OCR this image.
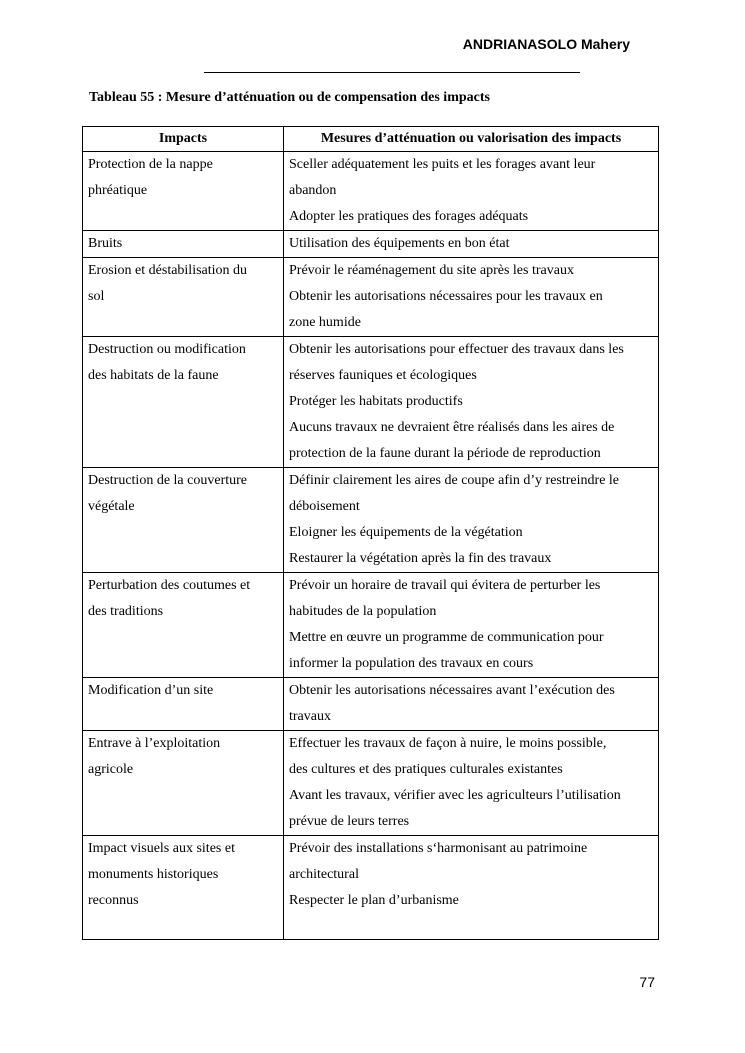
ANDRIANASOLO Mahery
Tableau 55 : Mesure d’atténuation ou de compensation des impacts
Impacts	Mesures d’atténuation ou valorisation des impacts

Protection de la nappe
phréatique	Sceller adéquatement les puits et les forages avant leur
abandon
Adopter les pratiques des forages adéquats

Bruits	Utilisation des équipements en bon état

Erosion et déstabilisation du
sol	Prévoir le réaménagement du site après les travaux
Obtenir les autorisations nécessaires pour les travaux en
zone humide

Destruction ou modification
des habitats de la faune	Obtenir les autorisations pour effectuer des travaux dans les
réserves fauniques et écologiques
Protéger les habitats productifs
Aucuns travaux ne devraient être réalisés dans les aires de
protection de la faune durant la période de reproduction

Destruction de la couverture
végétale	Définir clairement les aires de coupe afin d’y restreindre le
déboisement
Eloigner les équipements de la végétation
Restaurer la végétation après la fin des travaux

Perturbation des coutumes et
des traditions	Prévoir un horaire de travail qui évitera de perturber les
habitudes de la population
Mettre en œuvre un programme de communication pour
informer la population des travaux en cours

Modification d’un site	Obtenir les autorisations nécessaires avant l’exécution des
travaux

Entrave à l’exploitation
agricole	Effectuer les travaux de façon à nuire, le moins possible,
des cultures et des pratiques culturales existantes
Avant les travaux, vérifier avec les agriculteurs l’utilisation
prévue de leurs terres

Impact visuels aux sites et
monuments historiques
reconnus	Prévoir des installations s‘harmonisant au patrimoine
architectural
Respecter le plan d’urbanisme
77
